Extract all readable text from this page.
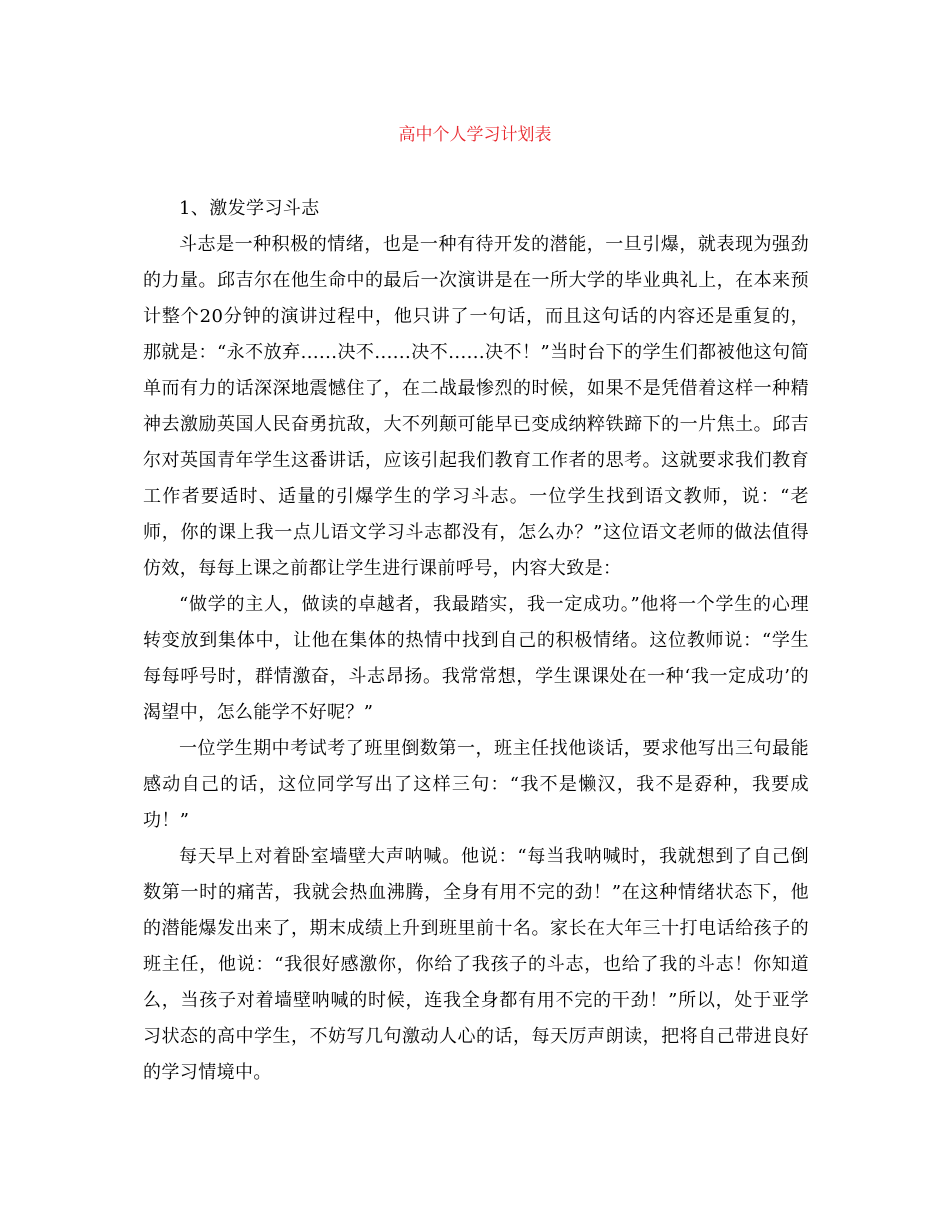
高中个人学习计划表

1、激发学习斗志

斗志是一种积极的情绪，也是一种有待开发的潜能，一旦引爆，就表现为强劲的力量。邱吉尔在他生命中的最后一次演讲是在一所大学的毕业典礼上，在本来预计整个20分钟的演讲过程中，他只讲了一句话，而且这句话的内容还是重复的，那就是：“永不放弃......决不......决不......决不！”当时台下的学生们都被他这句简单而有力的话深深地震憾住了，在二战最惨烈的时候，如果不是凭借着这样一种精神去激励英国人民奋勇抗敌，大不列颠可能早已变成纳粹铁蹄下的一片焦土。邱吉尔对英国青年学生这番讲话，应该引起我们教育工作者的思考。这就要求我们教育工作者要适时、适量的引爆学生的学习斗志。一位学生找到语文教师，说：“老师，你的课上我一点儿语文学习斗志都没有，怎么办？”这位语文老师的做法值得仿效，每每上课之前都让学生进行课前呼号，内容大致是：

“做学的主人，做读的卓越者，我最踏实，我一定成功。”他将一个学生的心理转变放到集体中，让他在集体的热情中找到自己的积极情绪。这位教师说：“学生每每呼号时，群情激奋，斗志昂扬。我常常想，学生课课处在一种‘我一定成功’的渴望中，怎么能学不好呢？”

一位学生期中考试考了班里倒数第一，班主任找他谈话，要求他写出三句最能感动自己的话，这位同学写出了这样三句：“我不是懒汉，我不是孬种，我要成功！”

每天早上对着卧室墙壁大声呐喊。他说：“每当我呐喊时，我就想到了自己倒数第一时的痛苦，我就会热血沸腾，全身有用不完的劲！”在这种情绪状态下，他的潜能爆发出来了，期末成绩上升到班里前十名。家长在大年三十打电话给孩子的班主任，他说：“我很好感激你，你给了我孩子的斗志，也给了我的斗志！你知道么，当孩子对着墙壁呐喊的时候，连我全身都有用不完的干劲！”所以，处于亚学习状态的高中学生，不妨写几句激动人心的话，每天厉声朗读，把将自己带进良好的学习情境中。
